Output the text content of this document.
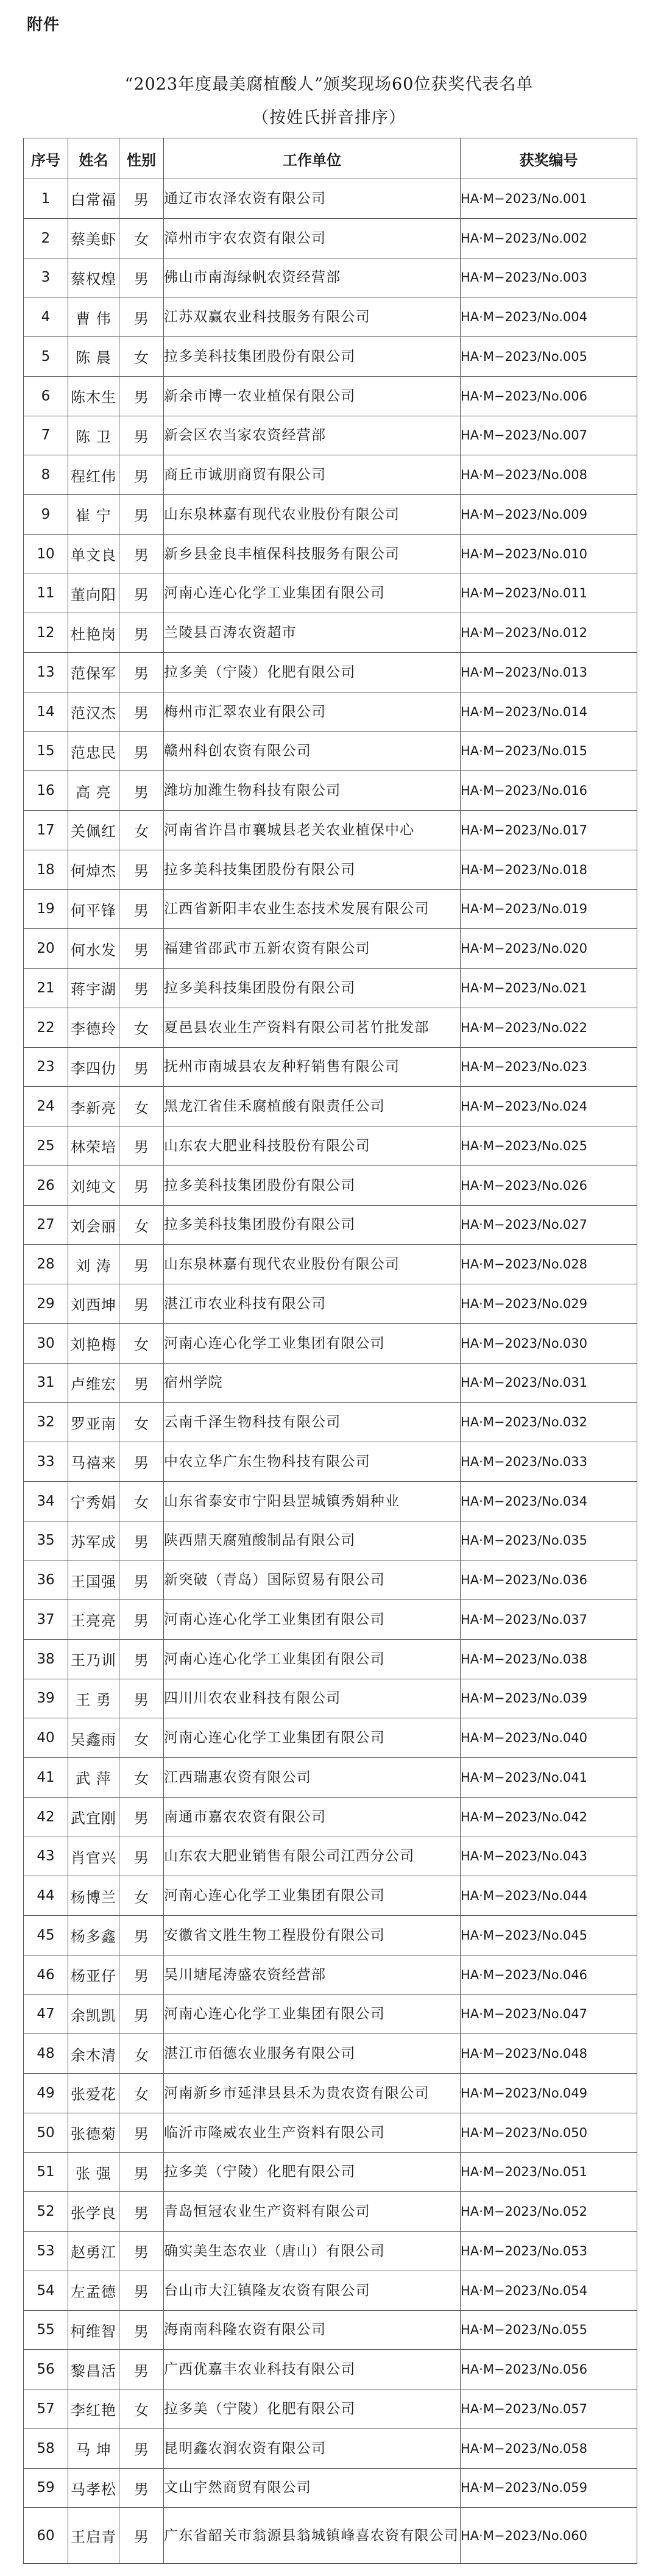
附件
“2023年度最美腐植酸人”颁奖现场60位获奖代表名单
（按姓氏拼音排序）
序号	姓名	性别	工作单位	获奖编号
1	白常福	男	通辽市农泽农资有限公司	HA·M−2023/No.001
2	蔡美虾	女	漳州市宇农农资有限公司	HA·M−2023/No.002
3	蔡权煌	男	佛山市南海绿帆农资经营部	HA·M−2023/No.003
4	曹 伟	男	江苏双赢农业科技服务有限公司	HA·M−2023/No.004
5	陈 晨	女	拉多美科技集团股份有限公司	HA·M−2023/No.005
6	陈木生	男	新余市博一农业植保有限公司	HA·M−2023/No.006
7	陈 卫	男	新会区农当家农资经营部	HA·M−2023/No.007
8	程红伟	男	商丘市诚朋商贸有限公司	HA·M−2023/No.008
9	崔 宁	男	山东泉林嘉有现代农业股份有限公司	HA·M−2023/No.009
10	单文良	男	新乡县金良丰植保科技服务有限公司	HA·M−2023/No.010
11	董向阳	男	河南心连心化学工业集团有限公司	HA·M−2023/No.011
12	杜艳岗	男	兰陵县百涛农资超市	HA·M−2023/No.012
13	范保军	男	拉多美（宁陵）化肥有限公司	HA·M−2023/No.013
14	范汉杰	男	梅州市汇翠农业有限公司	HA·M−2023/No.014
15	范忠民	男	赣州科创农资有限公司	HA·M−2023/No.015
16	高 亮	男	潍坊加潍生物科技有限公司	HA·M−2023/No.016
17	关佩红	女	河南省许昌市襄城县老关农业植保中心	HA·M−2023/No.017
18	何焯杰	男	拉多美科技集团股份有限公司	HA·M−2023/No.018
19	何平锋	男	江西省新阳丰农业生态技术发展有限公司	HA·M−2023/No.019
20	何水发	男	福建省邵武市五新农资有限公司	HA·M−2023/No.020
21	蒋宇湖	男	拉多美科技集团股份有限公司	HA·M−2023/No.021
22	李德玲	女	夏邑县农业生产资料有限公司茗竹批发部	HA·M−2023/No.022
23	李四仂	男	抚州市南城县农友种籽销售有限公司	HA·M−2023/No.023
24	李新亮	女	黑龙江省佳禾腐植酸有限责任公司	HA·M−2023/No.024
25	林荣培	男	山东农大肥业科技股份有限公司	HA·M−2023/No.025
26	刘纯文	男	拉多美科技集团股份有限公司	HA·M−2023/No.026
27	刘会丽	女	拉多美科技集团股份有限公司	HA·M−2023/No.027
28	刘 涛	男	山东泉林嘉有现代农业股份有限公司	HA·M−2023/No.028
29	刘西坤	男	湛江市农业科技有限公司	HA·M−2023/No.029
30	刘艳梅	女	河南心连心化学工业集团有限公司	HA·M−2023/No.030
31	卢维宏	男	宿州学院	HA·M−2023/No.031
32	罗亚南	女	云南千泽生物科技有限公司	HA·M−2023/No.032
33	马禧来	男	中农立华广东生物科技有限公司	HA·M−2023/No.033
34	宁秀娟	女	山东省泰安市宁阳县罡城镇秀娟种业	HA·M−2023/No.034
35	苏军成	男	陕西鼎天腐殖酸制品有限公司	HA·M−2023/No.035
36	王国强	男	新突破（青岛）国际贸易有限公司	HA·M−2023/No.036
37	王亮亮	男	河南心连心化学工业集团有限公司	HA·M−2023/No.037
38	王乃训	男	河南心连心化学工业集团有限公司	HA·M−2023/No.038
39	王 勇	男	四川川农农业科技有限公司	HA·M−2023/No.039
40	吴鑫雨	女	河南心连心化学工业集团有限公司	HA·M−2023/No.040
41	武 萍	女	江西瑞惠农资有限公司	HA·M−2023/No.041
42	武宜刚	男	南通市嘉农农资有限公司	HA·M−2023/No.042
43	肖官兴	男	山东农大肥业销售有限公司江西分公司	HA·M−2023/No.043
44	杨博兰	女	河南心连心化学工业集团有限公司	HA·M−2023/No.044
45	杨多鑫	男	安徽省文胜生物工程股份有限公司	HA·M−2023/No.045
46	杨亚仔	男	吴川塘尾涛盛农资经营部	HA·M−2023/No.046
47	余凯凯	男	河南心连心化学工业集团有限公司	HA·M−2023/No.047
48	余木清	女	湛江市佰德农业服务有限公司	HA·M−2023/No.048
49	张爱花	女	河南新乡市延津县县禾为贵农资有限公司	HA·M−2023/No.049
50	张德菊	男	临沂市隆威农业生产资料有限公司	HA·M−2023/No.050
51	张 强	男	拉多美（宁陵）化肥有限公司	HA·M−2023/No.051
52	张学良	男	青岛恒冠农业生产资料有限公司	HA·M−2023/No.052
53	赵勇江	男	确实美生态农业（唐山）有限公司	HA·M−2023/No.053
54	左孟德	男	台山市大江镇隆友农资有限公司	HA·M−2023/No.054
55	柯维智	男	海南南科隆农资有限公司	HA·M−2023/No.055
56	黎昌活	男	广西优嘉丰农业科技有限公司	HA·M−2023/No.056
57	李红艳	女	拉多美（宁陵）化肥有限公司	HA·M−2023/No.057
58	马 坤	男	昆明鑫农润农资有限公司	HA·M−2023/No.058
59	马孝松	男	文山宇然商贸有限公司	HA·M−2023/No.059
60	王启青	男	广东省韶关市翁源县翁城镇峰喜农资有限公司	HA·M−2023/No.060
